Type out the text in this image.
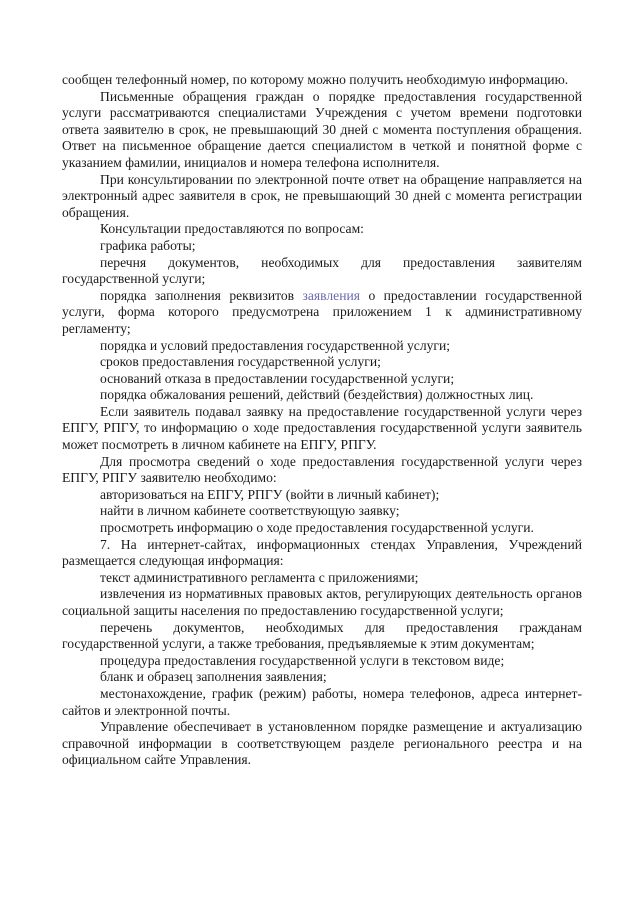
сообщен телефонный номер, по которому можно получить необходимую информацию.

Письменные обращения граждан о порядке предоставления государственной услуги рассматриваются специалистами Учреждения с учетом времени подготовки ответа заявителю в срок, не превышающий 30 дней с момента поступления обращения. Ответ на письменное обращение дается специалистом в четкой и понятной форме с указанием фамилии, инициалов и номера телефона исполнителя.

При консультировании по электронной почте ответ на обращение направляется на электронный адрес заявителя в срок, не превышающий 30 дней с момента регистрации обращения.

Консультации предоставляются по вопросам:

графика работы;

перечня документов, необходимых для предоставления заявителям государственной услуги;

порядка заполнения реквизитов заявления о предоставлении государственной услуги, форма которого предусмотрена приложением 1 к административному регламенту;

порядка и условий предоставления государственной услуги;

сроков предоставления государственной услуги;

оснований отказа в предоставлении государственной услуги;

порядка обжалования решений, действий (бездействия) должностных лиц.

Если заявитель подавал заявку на предоставление государственной услуги через ЕПГУ, РПГУ, то информацию о ходе предоставления государственной услуги заявитель может посмотреть в личном кабинете на ЕПГУ, РПГУ.

Для просмотра сведений о ходе предоставления государственной услуги через ЕПГУ, РПГУ заявителю необходимо:

авторизоваться на ЕПГУ, РПГУ (войти в личный кабинет);

найти в личном кабинете соответствующую заявку;

просмотреть информацию о ходе предоставления государственной услуги.

7. На интернет-сайтах, информационных стендах Управления, Учреждений размещается следующая информация:

текст административного регламента с приложениями;

извлечения из нормативных правовых актов, регулирующих деятельность органов социальной защиты населения по предоставлению государственной услуги;

перечень документов, необходимых для предоставления гражданам государственной услуги, а также требования, предъявляемые к этим документам;

процедура предоставления государственной услуги в текстовом виде;

бланк и образец заполнения заявления;

местонахождение, график (режим) работы, номера телефонов, адреса интернет-сайтов и электронной почты.

Управление обеспечивает в установленном порядке размещение и актуализацию справочной информации в соответствующем разделе регионального реестра и на официальном сайте Управления.
